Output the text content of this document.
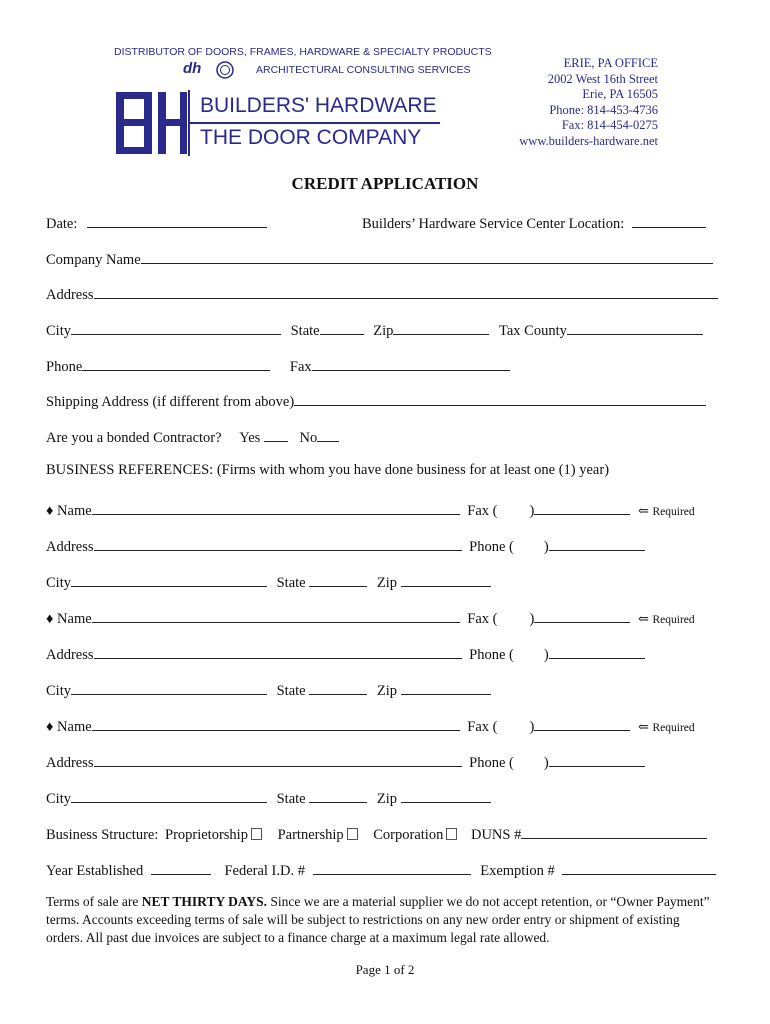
DISTRIBUTOR OF DOORS, FRAMES, HARDWARE & SPECIALTY PRODUCTS
dh	ARCHITECTURAL CONSULTING SERVICES
BUILDERS' HARDWARE
THE DOOR COMPANY
ERIE, PA OFFICE
2002 West 16th Street
Erie, PA 16505
Phone: 814-453-4736
Fax: 814-454-0275
www.builders-hardware.net
CREDIT APPLICATION
Date:	Builders’ Hardware Service Center Location:
Company Name
Address
City	State	Zip	Tax County
Phone	Fax
Shipping Address (if different from above)
Are you a bonded Contractor? Yes	No
BUSINESS REFERENCES: (Firms with whom you have done business for at least one (1) year)
♦ Name	Fax ( )	⇐ Required
Address	Phone ( )
City	State	Zip
♦ Name	Fax ( )	⇐ Required
Address	Phone ( )
City	State	Zip
♦ Name	Fax ( )	⇐ Required
Address	Phone ( )
City	State	Zip
Business Structure: Proprietorship Partnership Corporation DUNS #
Year Established	Federal I.D. #	Exemption #
Terms of sale are NET THIRTY DAYS. Since we are a material supplier we do not accept retention, or “Owner Payment” terms. Accounts exceeding terms of sale will be subject to restrictions on any new order entry or shipment of existing orders. All past due invoices are subject to a finance charge at a maximum legal rate allowed.
Page 1 of 2
